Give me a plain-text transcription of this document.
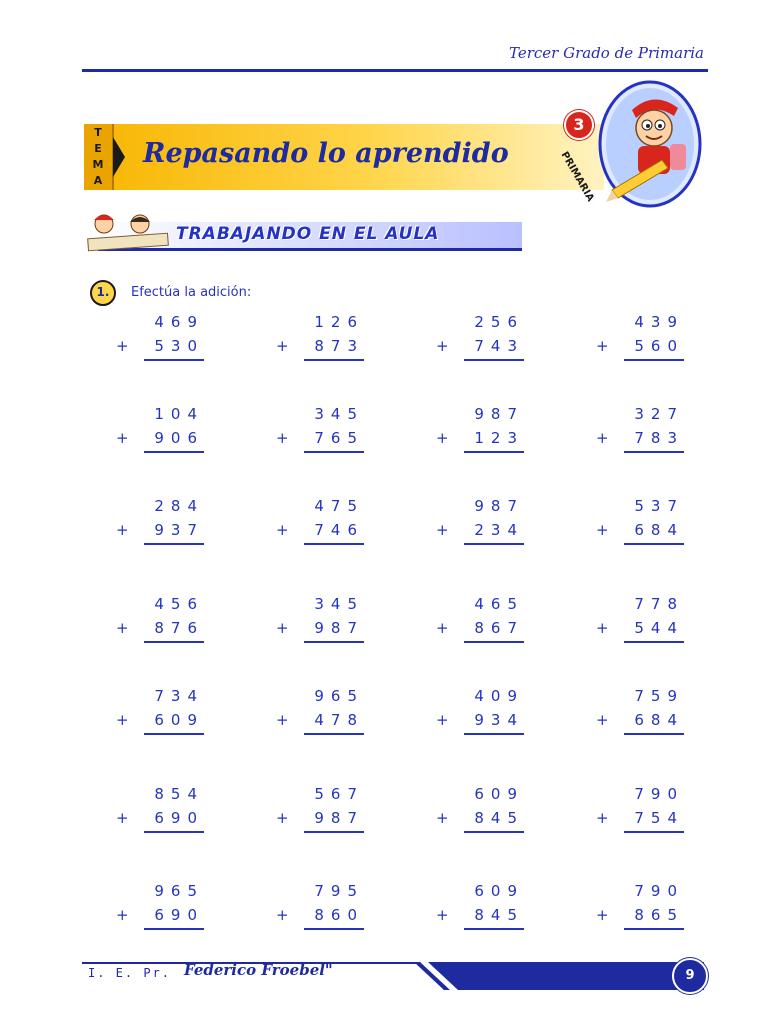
Tercer Grado de Primaria
T
E
M
A
Repasando lo aprendido
3
PRIMARIA
TRABAJANDO EN EL AULA
1.	Efectúa la adición:
469
+ 530
126
+ 873
256
+ 743
439
+ 560
104
+ 906
345
+ 765
987
+ 123
327
+ 783
284
+ 937
475
+ 746
987
+ 234
537
+ 684
456
+ 876
345
+ 987
465
+ 867
778
+ 544
734
+ 609
965
+ 478
409
+ 934
759
+ 684
854
+ 690
567
+ 987
609
+ 845
790
+ 754
965
+ 690
795
+ 860
609
+ 845
790
+ 865
I. E. Pr. Federico Froebel"	9
